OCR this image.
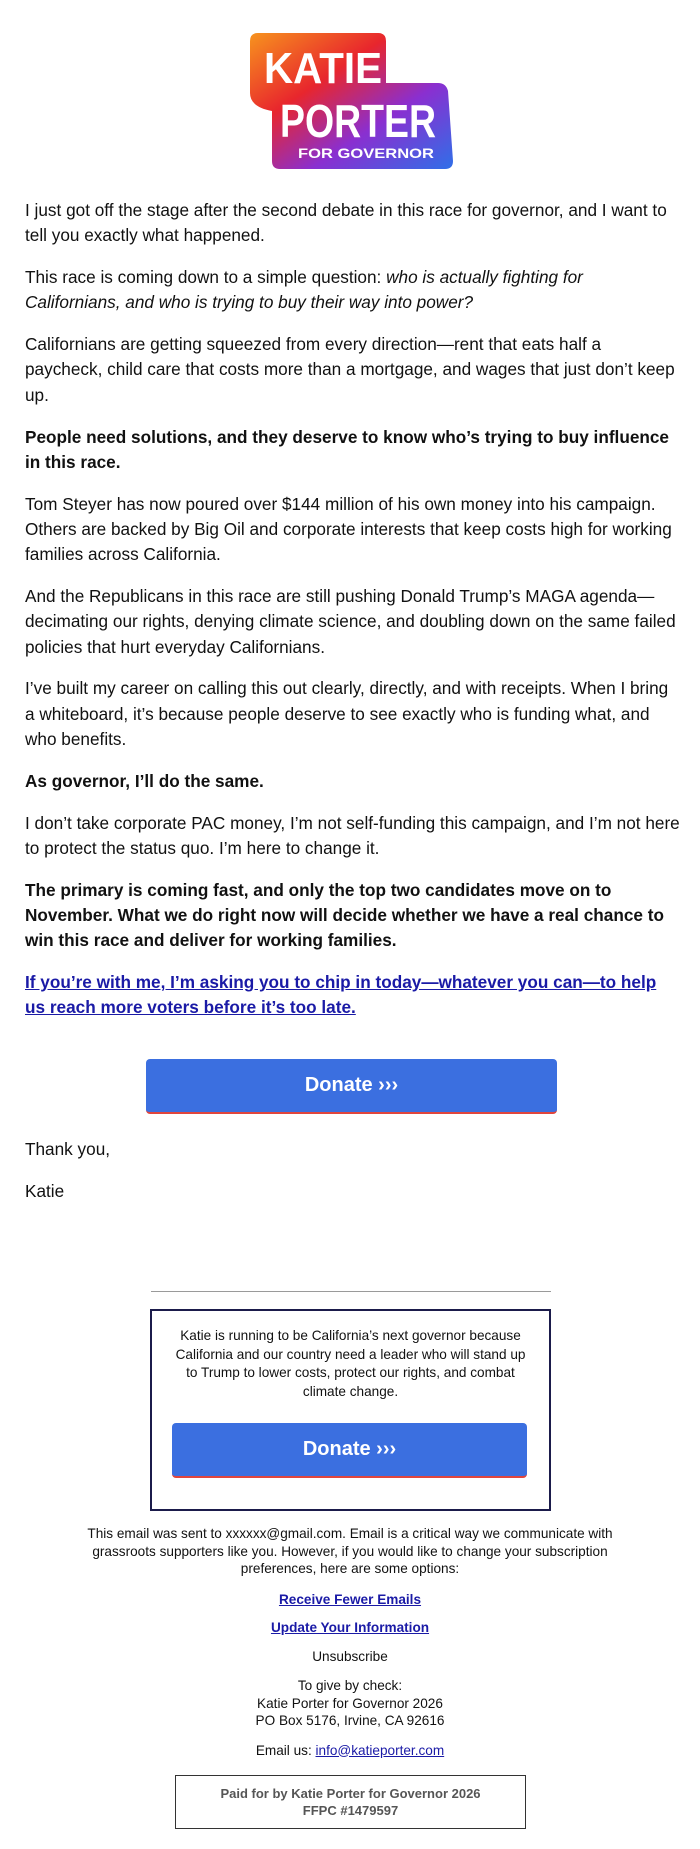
KATIE
PORTER
FOR GOVERNOR

I just got off the stage after the second debate in this race for governor, and I want to tell you exactly what happened.

This race is coming down to a simple question: who is actually fighting for Californians, and who is trying to buy their way into power?

Californians are getting squeezed from every direction—rent that eats half a paycheck, child care that costs more than a mortgage, and wages that just don’t keep up.

People need solutions, and they deserve to know who’s trying to buy influence in this race.

Tom Steyer has now poured over $144 million of his own money into his campaign. Others are backed by Big Oil and corporate interests that keep costs high for working families across California.

And the Republicans in this race are still pushing Donald Trump’s MAGA agenda—decimating our rights, denying climate science, and doubling down on the same failed policies that hurt everyday Californians.

I’ve built my career on calling this out clearly, directly, and with receipts. When I bring a whiteboard, it’s because people deserve to see exactly who is funding what, and who benefits.

As governor, I’ll do the same.

I don’t take corporate PAC money, I’m not self-funding this campaign, and I’m not here to protect the status quo. I’m here to change it.

The primary is coming fast, and only the top two candidates move on to November. What we do right now will decide whether we have a real chance to win this race and deliver for working families.

If you’re with me, I’m asking you to chip in today—whatever you can—to help us reach more voters before it’s too late.

Donate ›››

Thank you,

Katie

Katie is running to be California’s next governor because California and our country need a leader who will stand up to Trump to lower costs, protect our rights, and combat climate change.
Donate ›››
This email was sent to xxxxxx@gmail.com. Email is a critical way we communicate with grassroots supporters like you. However, if you would like to change your subscription preferences, here are some options:
Receive Fewer Emails
Update Your Information
Unsubscribe
To give by check:
Katie Porter for Governor 2026
PO Box 5176, Irvine, CA 92616
Email us: info@katieporter.com
Paid for by Katie Porter for Governor 2026
FFPC #1479597
